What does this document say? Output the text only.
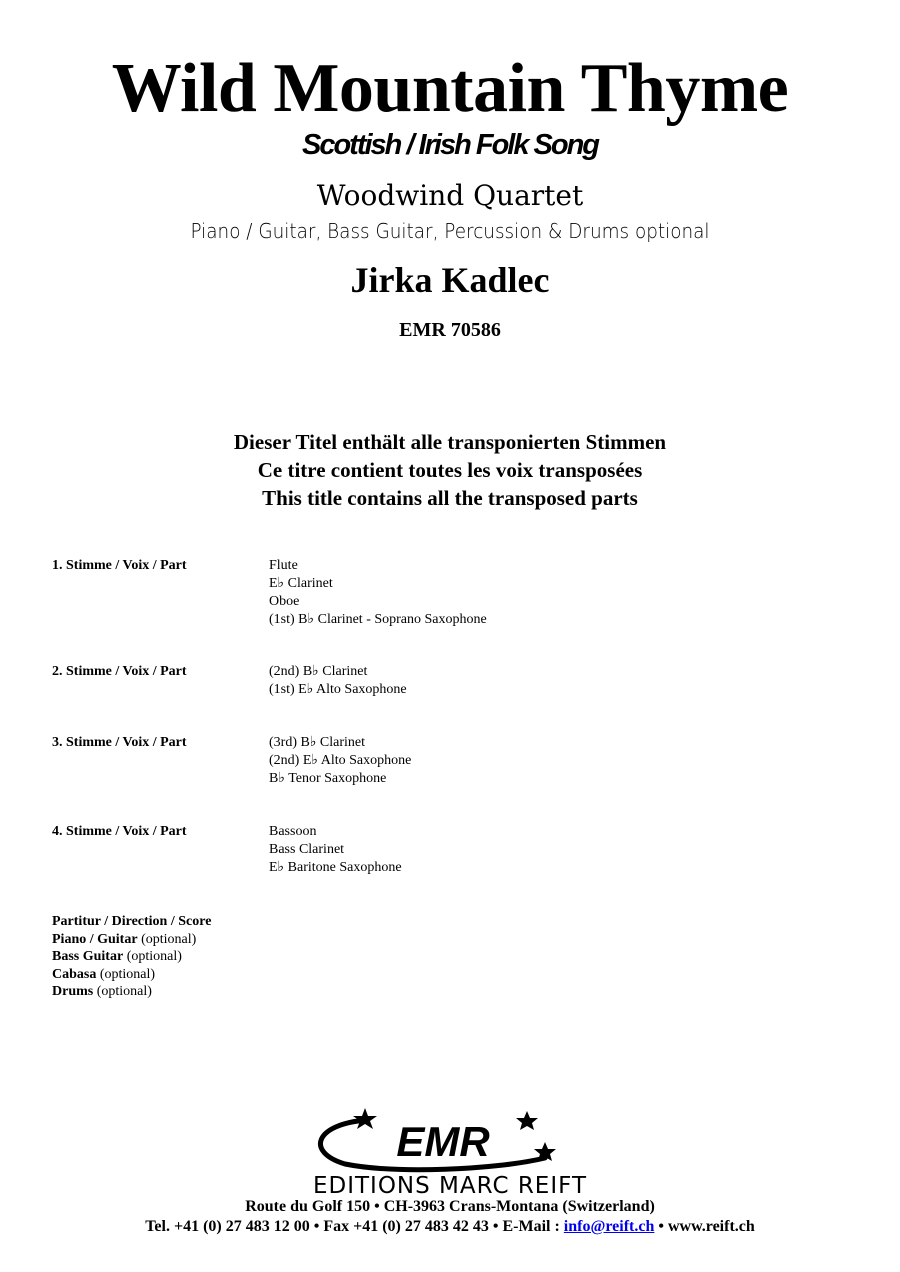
Wild Mountain Thyme
Scottish / Irish Folk Song
Woodwind Quartet
Piano / Guitar, Bass Guitar, Percussion & Drums optional
Jirka Kadlec
EMR 70586
Dieser Titel enthält alle transponierten Stimmen
Ce titre contient toutes les voix transposées
This title contains all the transposed parts
1. Stimme / Voix / Part	Flute
E♭ Clarinet
Oboe
(1st) B♭ Clarinet - Soprano Saxophone
2. Stimme / Voix / Part	(2nd) B♭ Clarinet
(1st) E♭ Alto Saxophone
3. Stimme / Voix / Part	(3rd) B♭ Clarinet
(2nd) E♭ Alto Saxophone
B♭ Tenor Saxophone
4. Stimme / Voix / Part	Bassoon
Bass Clarinet
E♭ Baritone Saxophone
Partitur / Direction / Score
Piano / Guitar (optional)
Bass Guitar (optional)
Cabasa (optional)
Drums (optional)
EMR
EDITIONS MARC REIFT
Route du Golf 150 • CH-3963 Crans-Montana (Switzerland)
Tel. +41 (0) 27 483 12 00 • Fax +41 (0) 27 483 42 43 • E-Mail : info@reift.ch • www.reift.ch
